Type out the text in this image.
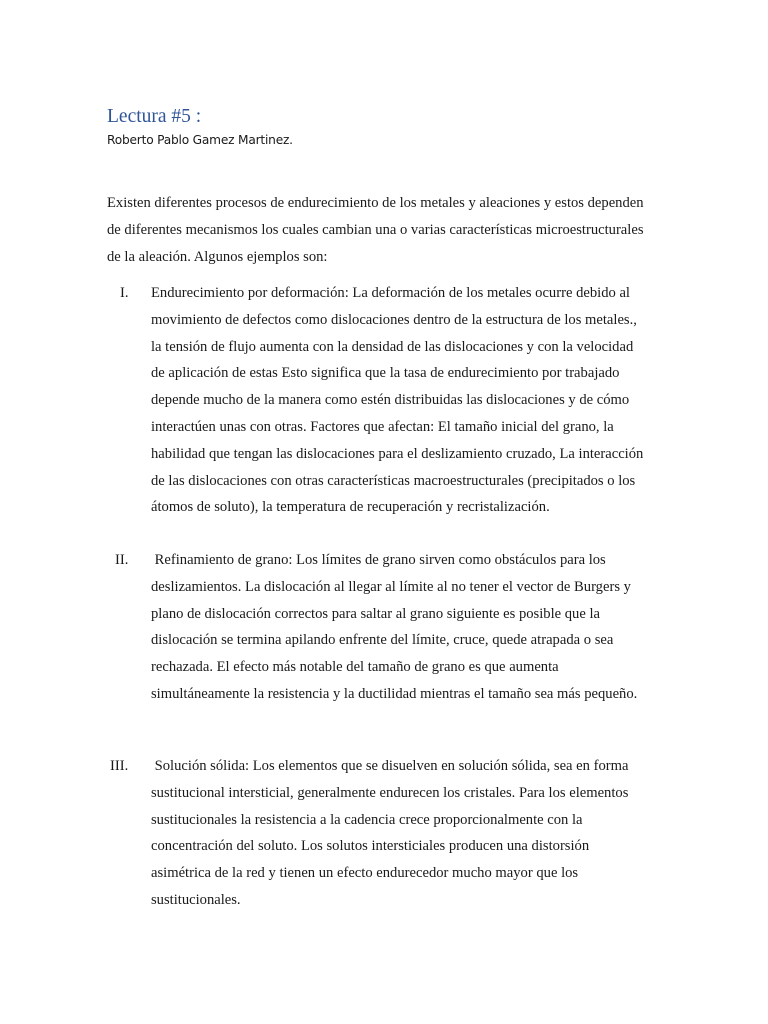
Lectura #5 :
Roberto Pablo Gamez Martinez.

Existen diferentes procesos de endurecimiento de los metales y aleaciones y estos dependen
de diferentes mecanismos los cuales cambian una o varias características microestructurales
de la aleación. Algunos ejemplos son:

I. Endurecimiento por deformación: La deformación de los metales ocurre debido al
movimiento de defectos como dislocaciones dentro de la estructura de los metales.,
la tensión de flujo aumenta con la densidad de las dislocaciones y con la velocidad
de aplicación de estas Esto significa que la tasa de endurecimiento por trabajado
depende mucho de la manera como estén distribuidas las dislocaciones y de cómo
interactúen unas con otras. Factores que afectan: El tamaño inicial del grano, la
habilidad que tengan las dislocaciones para el deslizamiento cruzado, La interacción
de las dislocaciones con otras características macroestructurales (precipitados o los
átomos de soluto), la temperatura de recuperación y recristalización.
II. Refinamiento de grano: Los límites de grano sirven como obstáculos para los
deslizamientos. La dislocación al llegar al límite al no tener el vector de Burgers y
plano de dislocación correctos para saltar al grano siguiente es posible que la
dislocación se termina apilando enfrente del límite, cruce, quede atrapada o sea
rechazada. El efecto más notable del tamaño de grano es que aumenta
simultáneamente la resistencia y la ductilidad mientras el tamaño sea más pequeño.
III. Solución sólida: Los elementos que se disuelven en solución sólida, sea en forma
sustitucional intersticial, generalmente endurecen los cristales. Para los elementos
sustitucionales la resistencia a la cadencia crece proporcionalmente con la
concentración del soluto. Los solutos intersticiales producen una distorsión
asimétrica de la red y tienen un efecto endurecedor mucho mayor que los
sustitucionales.
